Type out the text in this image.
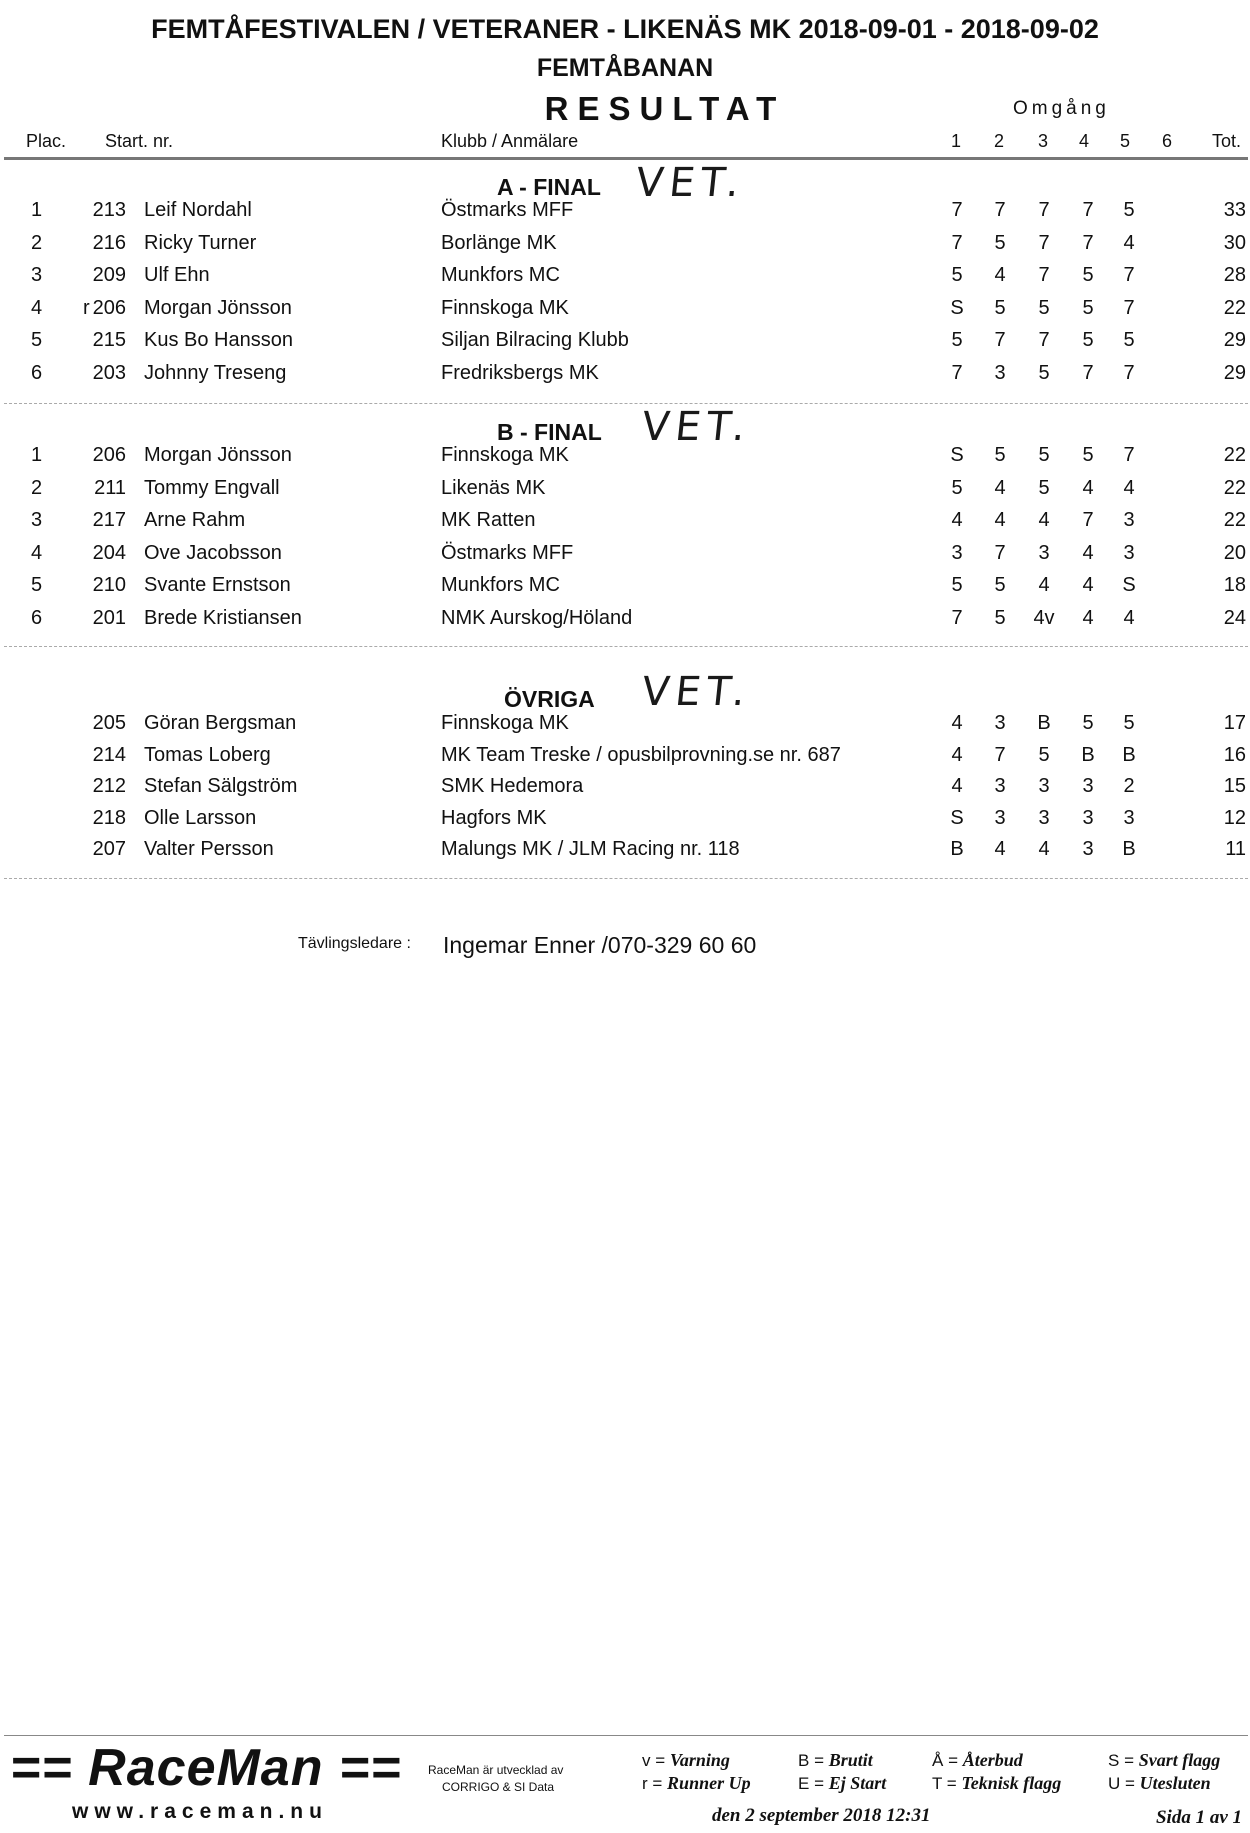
FEMTÅFESTIVALEN / VETERANER - LIKENÄS MK 2018-09-01 - 2018-09-02
FEMTÅBANAN
RESULTAT	Omgång
Plac. Start. nr.	Klubb / Anmälare	1 2 3 4 5 6 Tot.
A - FINAL VET.
1	213 Leif Nordahl	Östmarks MFF	7	7	7	7	5	33
2	216 Ricky Turner	Borlänge MK	7	5	7	7	4	30
3	209 Ulf Ehn	Munkfors MC	5	4	7	5	7	28
4 r 206 Morgan Jönsson	Finnskoga MK	S	5	5	5	7	22
5	215 Kus Bo Hansson	Siljan Bilracing Klubb	5	7	7	5	5	29
6	203 Johnny Treseng	Fredriksbergs MK	7	3	5	7	7	29
B - FINAL VET.
1	206 Morgan Jönsson	Finnskoga MK	S	5	5	5	7	22
2	211 Tommy Engvall	Likenäs MK	5	4	5	4	4	22
3	217 Arne Rahm	MK Ratten	4	4	4	7	3	22
4	204 Ove Jacobsson	Östmarks MFF	3	7	3	4	3	20
5	210 Svante Ernstson	Munkfors MC	5	5	4	4	S	18
6	201 Brede Kristiansen	NMK Aurskog/Höland	7	5	4v	4	4	24
ÖVRIGA VET.
205 Göran Bergsman	Finnskoga MK	4	3	B	5	5	17
214 Tomas Loberg	MK Team Treske / opusbilprovning.se nr. 687	4	7	5	B	B	16
212 Stefan Sälgström	SMK Hedemora	4	3	3	3	2	15
218 Olle Larsson	Hagfors MK	S	3	3	3	3	12
207 Valter Persson	Malungs MK / JLM Racing nr. 118	B	4	4	3	B	11
Tävlingsledare : Ingemar Enner /070-329 60 60
== RaceMan ==
www.raceman.nu
RaceMan är utvecklad av
CORRIGO & SI Data
v = Varning
r = Runner Up
B = Brutit
E = Ej Start
Å = Återbud
T = Teknisk flagg
S = Svart flagg
U = Utesluten
den 2 september 2018 12:31	Sida 1 av 1
